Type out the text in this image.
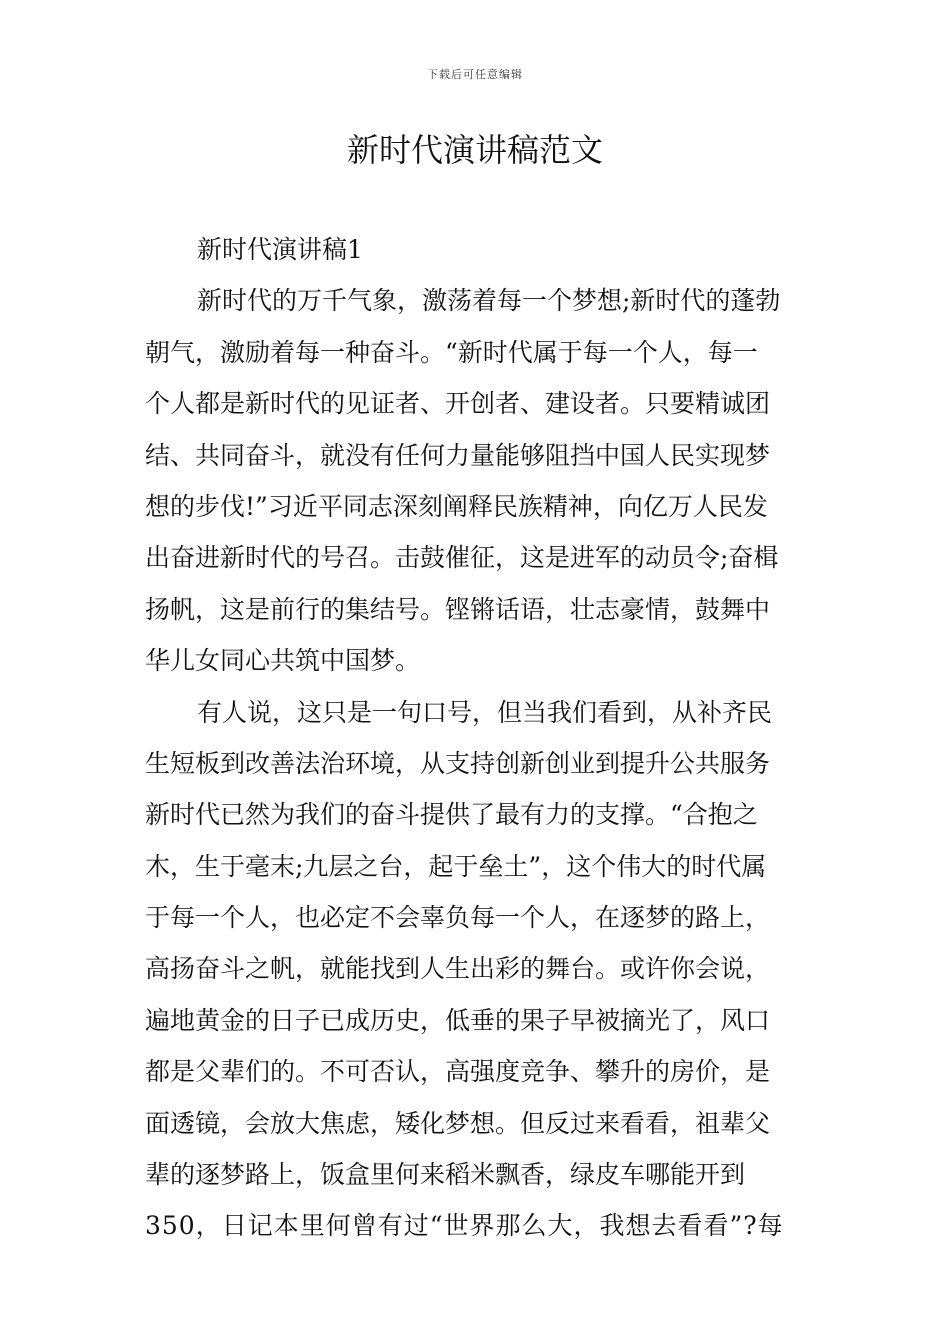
下载后可任意编辑
新时代演讲稿范文
新时代演讲稿1
新时代的万千气象，激荡着每一个梦想;新时代的蓬勃
朝气，激励着每一种奋斗。“新时代属于每一个人，每一
个人都是新时代的见证者、开创者、建设者。只要精诚团
结、共同奋斗，就没有任何力量能够阻挡中国人民实现梦
想的步伐!”习近平同志深刻阐释民族精神，向亿万人民发
出奋进新时代的号召。击鼓催征，这是进军的动员令;奋楫
扬帆，这是前行的集结号。铿锵话语，壮志豪情，鼓舞中
华儿女同心共筑中国梦。
有人说，这只是一句口号，但当我们看到，从补齐民
生短板到改善法治环境，从支持创新创业到提升公共服务
新时代已然为我们的奋斗提供了最有力的支撑。“合抱之
木，生于毫末;九层之台，起于垒土”，这个伟大的时代属
于每一个人，也必定不会辜负每一个人，在逐梦的路上，
高扬奋斗之帆，就能找到人生出彩的舞台。或许你会说，
遍地黄金的日子已成历史，低垂的果子早被摘光了，风口
都是父辈们的。不可否认，高强度竞争、攀升的房价，是
面透镜，会放大焦虑，矮化梦想。但反过来看看，祖辈父
辈的逐梦路上，饭盒里何来稻米飘香，绿皮车哪能开到
350，日记本里何曾有过“世界那么大，我想去看看”?每
